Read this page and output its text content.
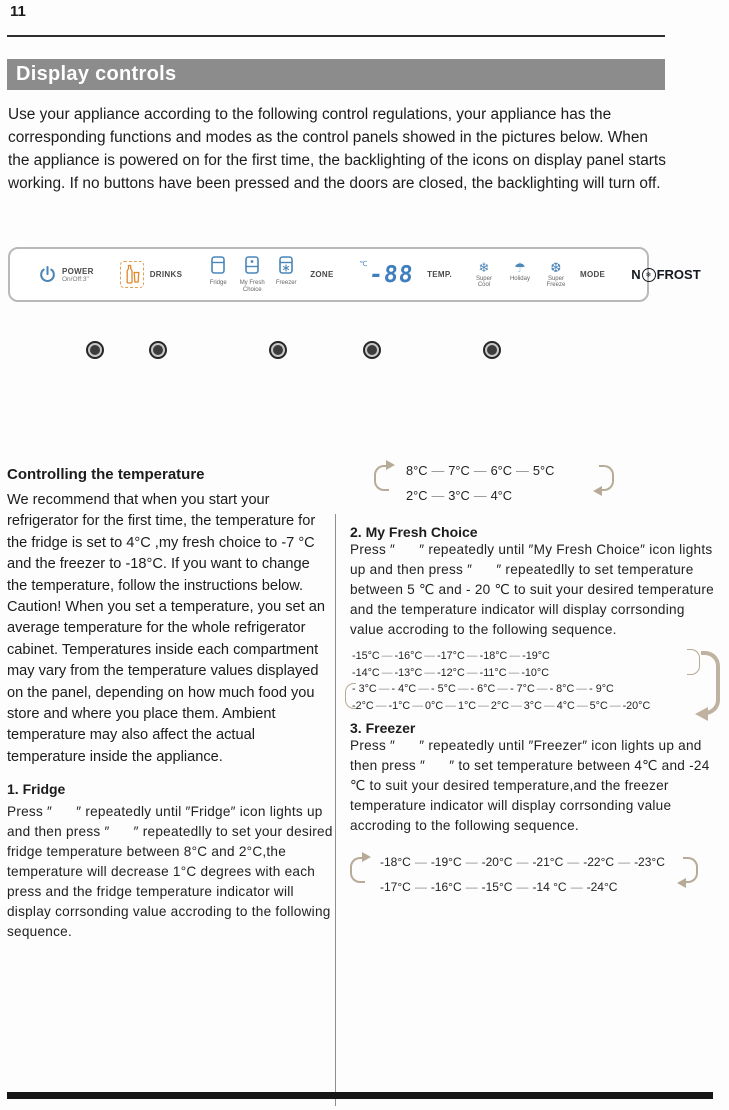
11
Display controls

Use your appliance according to the following control regulations, your appliance has the corresponding functions and modes as the control panels showed in the pictures below. When the appliance is powered on for the first time, the backlighting of the icons on display panel starts working. If no buttons have been pressed and the doors are closed, the backlighting will turn off.

POWER
On/Off:3"	DRINKS
Fridge	My Fresh Choice
Freezer
ZONE
℃ -88 TEMP. ❄
Super Cool
☂
Holiday
❆
Super Freeze
MODE N ❄ FROST
Controlling the temperature

We recommend that when you start your refrigerator for the first time, the temperature for the fridge is set to 4°C ,my fresh choice to -7 °C and the freezer to -18°C. If you want to change the temperature, follow the instructions below.

Caution! When you set a temperature, you set an average temperature for the whole refrigerator cabinet. Temperatures inside each compartment may vary from the temperature values displayed on the panel, depending on how much food you store and where you place them. Ambient temperature may also affect the actual temperature inside the appliance.

1. Fridge

Press ″      ″ repeatedly until ″Fridge″ icon lights up and then press ″      ″ repeatedlly to set your desired fridge temperature between 8°C and 2°C,the temperature will decrease 1°C degrees with each press and the fridge temperature indicator will display corrsonding value accroding to the following sequence.

8°C — 7°C — 6°C — 5°C
2°C — 3°C — 4°C

2. My Fresh Choice

Press ″      ″ repeatedly until ″My Fresh Choice″ icon lights up and then press ″      ″ repeatedlly to set temperature between 5 ℃ and - 20 ℃ to suit your desired temperature and the temperature indicator will display corrsonding value accroding to the following sequence.

-15°C — -16°C — -17°C — -18°C — -19°C
-14°C — -13°C — -12°C — -11°C — -10°C
- 3°C — - 4°C — - 5°C — - 6°C — - 7°C — - 8°C — - 9°C
-2°C — -1°C — 0°C — 1°C — 2°C — 3°C — 4°C — 5°C — -20°C

3. Freezer

Press ″      ″ repeatedly until ″Freezer″ icon lights up and then press ″      ″ to set temperature between 4℃ and -24 ℃ to suit your desired temperature,and the freezer temperature indicator will display corrsonding value accroding to the following sequence.

-18°C — -19°C — -20°C — -21°C — -22°C — -23°C
-17°C — -16°C — -15°C — -14 °C — -24°C
